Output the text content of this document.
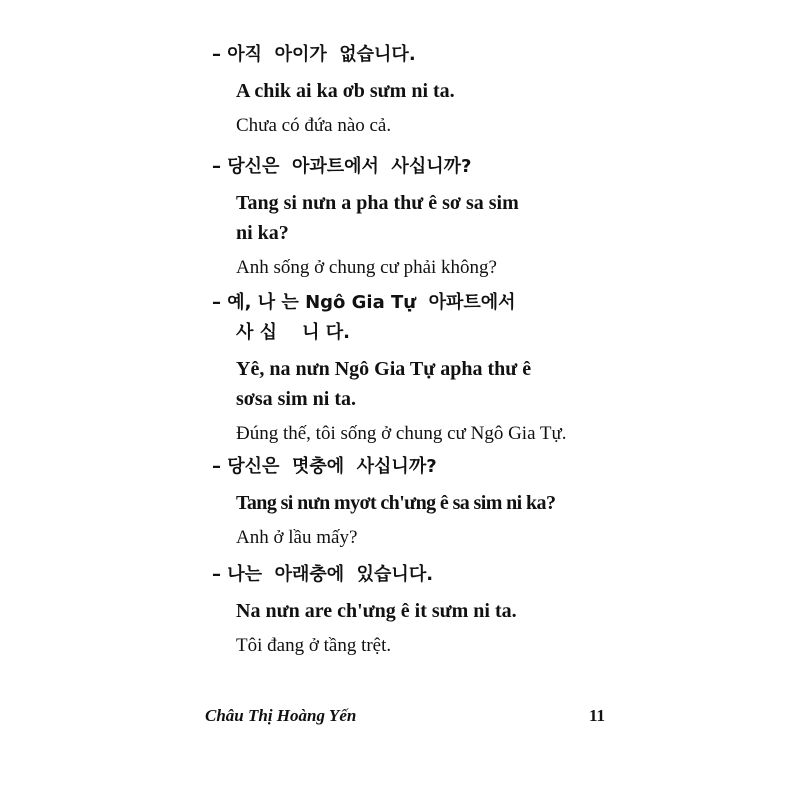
– 아직  아이가  없습니다.

A chik ai ka ơb sưm ni ta.

Chưa có đứa nào cả.

– 당신은  아과트에서  사십니까?

Tang si nưn a pha thư ê sơ sa sim

ni ka?

Anh sống ở chung cư phải không?

– 예, 나 는 Ngô Gia Tự  아파트에서

사 십    니 다.

Yê, na nưn Ngô Gia Tự apha thư ê

sơsa sim ni ta.

Đúng thế, tôi sống ở chung cư Ngô Gia Tự.

– 당신은  몃충에  사십니까?

Tang si nưn myơt ch'ưng ê sa sim ni ka?

Anh ở lầu mấy?

– 나는  아래충에  있습니다.

Na nưn are ch'ưng ê it sưm ni ta.

Tôi đang ở tầng trệt.

Châu Thị Hoàng Yến	11
